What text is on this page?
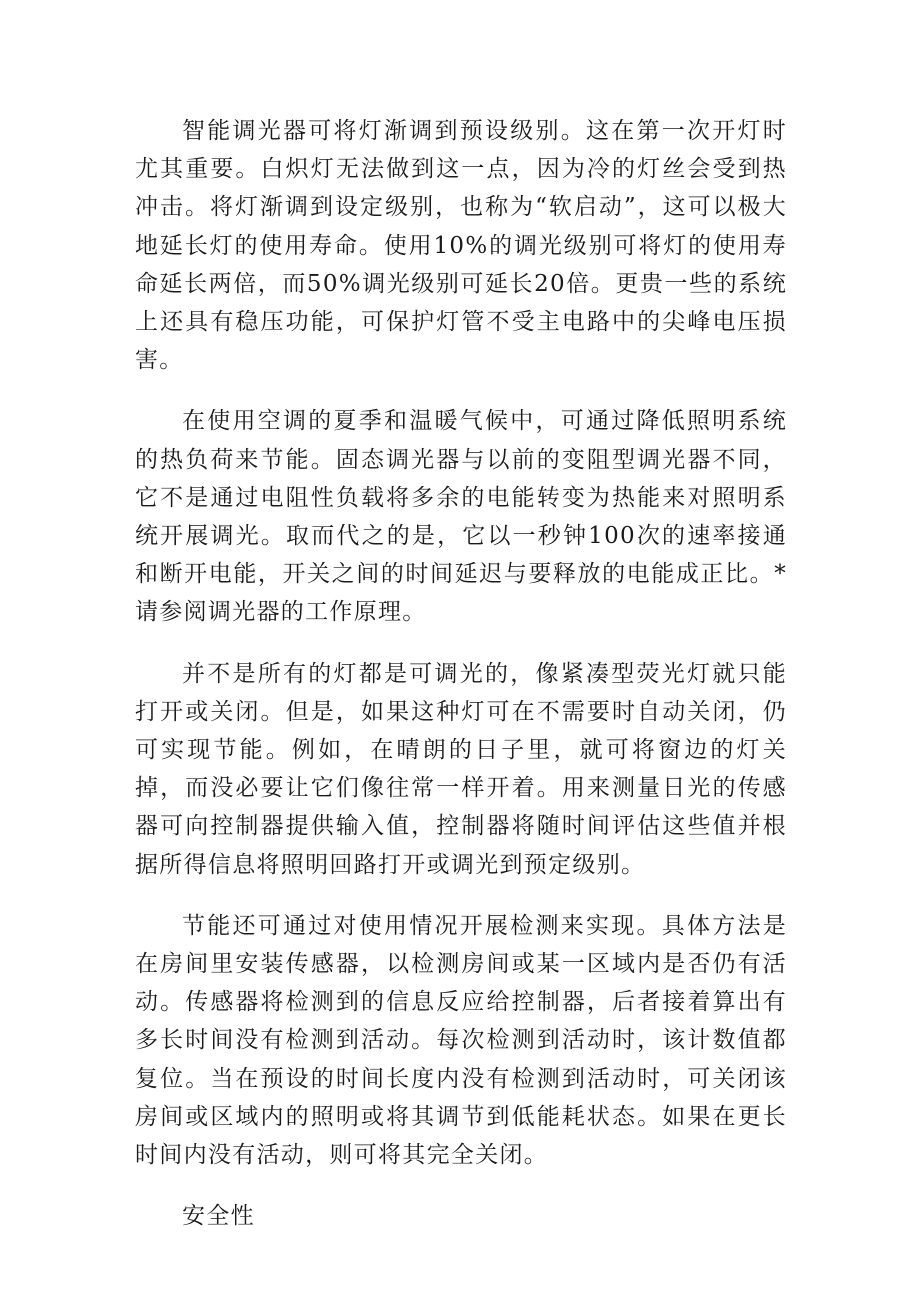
智能调光器可将灯渐调到预设级别。这在第一次开灯时尤其重要。白炽灯无法做到这一点，因为冷的灯丝会受到热冲击。将灯渐调到设定级别，也称为“软启动”，这可以极大地延长灯的使用寿命。使用10%的调光级别可将灯的使用寿命延长两倍，而50%调光级别可延长20倍。更贵一些的系统上还具有稳压功能，可保护灯管不受主电路中的尖峰电压损害。

在使用空调的夏季和温暖气候中，可通过降低照明系统的热负荷来节能。固态调光器与以前的变阻型调光器不同，它不是通过电阻性负载将多余的电能转变为热能来对照明系统开展调光。取而代之的是，它以一秒钟100次的速率接通和断开电能，开关之间的时间延迟与要释放的电能成正比。*请参阅调光器的工作原理。

并不是所有的灯都是可调光的，像紧凑型荧光灯就只能打开或关闭。但是，如果这种灯可在不需要时自动关闭，仍可实现节能。例如，在晴朗的日子里，就可将窗边的灯关掉，而没必要让它们像往常一样开着。用来测量日光的传感器可向控制器提供输入值，控制器将随时间评估这些值并根据所得信息将照明回路打开或调光到预定级别。

节能还可通过对使用情况开展检测来实现。具体方法是在房间里安装传感器，以检测房间或某一区域内是否仍有活动。传感器将检测到的信息反应给控制器，后者接着算出有多长时间没有检测到活动。每次检测到活动时，该计数值都复位。当在预设的时间长度内没有检测到活动时，可关闭该房间或区域内的照明或将其调节到低能耗状态。如果在更长时间内没有活动，则可将其完全关闭。

安全性
